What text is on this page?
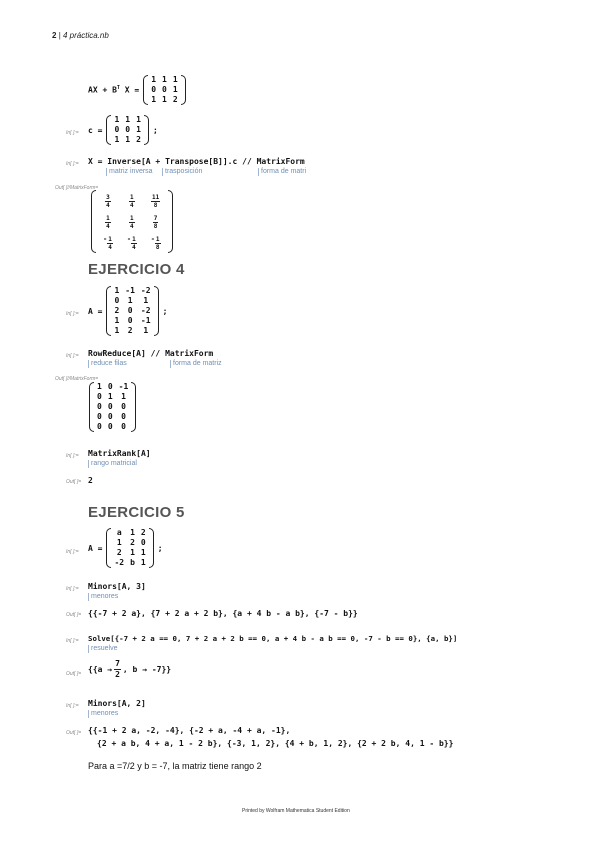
2 | 4 práctica.nb
AX + $B^T$ X =
1	1	1
0	0	1
1	1	2
In[ ]:= c =
1	1	1
0	0	1
1	1	2
;
In[ ]:= X = Inverse[A + Transpose[B]].c // MatrixForm
matriz inversa	trasposición	forma de matri
Out[ ]//MatrixForm=
$\frac{3}{4}$	$\frac{1}{4}$	$\frac{11}{8}$

$\frac{1}{4}$	$\frac{1}{4}$	$\frac{7}{8}$

- $\frac{1}{4}$	- $\frac{1}{4}$	- $\frac{1}{8}$
EJERCICIO 4
In[ ]:= A =
1	-1	-2
0	1	1
2	0	-2
1	0	-1
1	2	1
;
In[ ]:= RowReduce[A] // MatrixForm
reduce filas	forma de matriz
Out[ ]//MatrixForm=
1	0	-1
0	1	1
0	0	0
0	0	0
0	0	0
In[ ]:= MatrixRank[A]
rango matricial
Out[ ]= 2
EJERCICIO 5
In[ ]:= A =
a	1	2
1	2	0
2	1	1
-2	b	1
;
In[ ]:= Minors[A, 3]
menores
Out[ ]= {{-7 + 2 a}, {7 + 2 a + 2 b}, {a + 4 b - a b}, {-7 - b}}
In[ ]:= Solve[{-7 + 2 a == 0, 7 + 2 a + 2 b == 0, a + 4 b - a b == 0, -7 - b == 0}, {a, b}]
resuelve
Out[ ]= {{$a \to \frac{7}{2}$ , b → -7}}
In[ ]:= Minors[A, 2]
menores
Out[ ]= {{-1 + 2 a, -2, -4}, {-2 + a, -4 + a, -1},
{2 + a b, 4 + a, 1 - 2 b}, {-3, 1, 2}, {4 + b, 1, 2}, {2 + 2 b, 4, 1 - b}}
Para a =7/2 y b = -7, la matriz tiene rango 2
Printed by Wolfram Mathematica Student Edition
